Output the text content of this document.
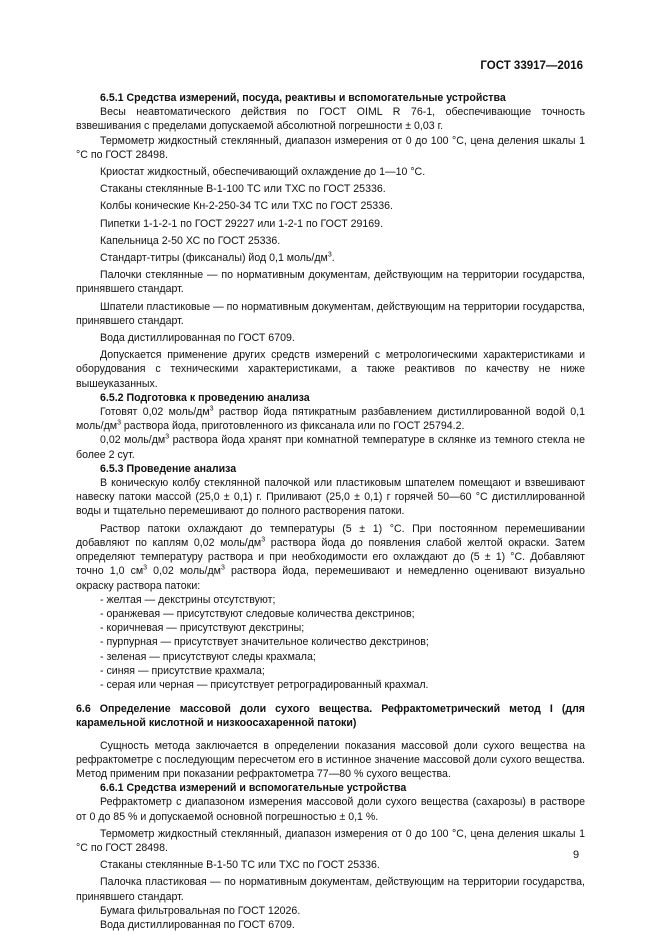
ГОСТ 33917—2016

6.5.1 Средства измерений, посуда, реактивы и вспомогательные устройства

Весы неавтоматического действия по ГОСТ OIML R 76-1, обеспечивающие точность взвешивания с пределами допускаемой абсолютной погрешности ± 0,03 г.

Термометр жидкостный стеклянный, диапазон измерения от 0 до 100 °С, цена деления шкалы 1 °С по ГОСТ 28498.

Криостат жидкостный, обеспечивающий охлаждение до 1—10 °С.

Стаканы стеклянные В-1-100 ТС или ТХС по ГОСТ 25336.

Колбы конические Кн-2-250-34 ТС или ТХС по ГОСТ 25336.

Пипетки 1-1-2-1 по ГОСТ 29227 или 1-2-1 по ГОСТ 29169.

Капельница 2-50 ХС по ГОСТ 25336.

Стандарт-титры (фиксаналы) йод 0,1 моль/$дм^3$.

Палочки стеклянные — по нормативным документам, действующим на территории государства, принявшего стандарт.

Шпатели пластиковые — по нормативным документам, действующим на территории государства, принявшего стандарт.

Вода дистиллированная по ГОСТ 6709.

Допускается применение других средств измерений с метрологическими характеристиками и оборудования с техническими характеристиками, а также реактивов по качеству не ниже вышеуказанных.

6.5.2 Подготовка к проведению анализа

Готовят 0,02 моль/$дм^3$ раствор йода пятикратным разбавлением дистиллированной водой 0,1 моль/$дм^3$ раствора йода, приготовленного из фиксанала или по ГОСТ 25794.2.

0,02 моль/$дм^3$ раствора йода хранят при комнатной температуре в склянке из темного стекла не более 2 сут.

6.5.3 Проведение анализа

В коническую колбу стеклянной палочкой или пластиковым шпателем помещают и взвешивают навеску патоки массой (25,0 ± 0,1) г. Приливают (25,0 ± 0,1) г горячей 50—60 °С дистиллированной воды и тщательно перемешивают до полного растворения патоки.

Раствор патоки охлаждают до температуры (5 ± 1) °С. При постоянном перемешивании добавляют по каплям 0,02 моль/$дм^3$ раствора йода до появления слабой желтой окраски. Затем определяют температуру раствора и при необходимости его охлаждают до (5 ± 1) °С. Добавляют точно 1,0 $см^3$ 0,02 моль/$дм^3$ раствора йода, перемешивают и немедленно оценивают визуально окраску раствора патоки:

- желтая — декстрины отсутствуют;

- оранжевая — присутствуют следовые количества декстринов;

- коричневая — присутствуют декстрины;

- пурпурная — присутствует значительное количество декстринов;

- зеленая — присутствуют следы крахмала;

- синяя — присутствие крахмала;

- серая или черная — присутствует ретроградированный крахмал.

6.6 Определение массовой доли сухого вещества. Рефрактометрический метод I (для карамельной кислотной и низкоосахаренной патоки)

Сущность метода заключается в определении показания массовой доли сухого вещества на рефрактометре с последующим пересчетом его в истинное значение массовой доли сухого вещества. Метод применим при показании рефрактометра 77—80 % сухого вещества.

6.6.1 Средства измерений и вспомогательные устройства

Рефрактометр с диапазоном измерения массовой доли сухого вещества (сахарозы) в растворе от 0 до 85 % и допускаемой основной погрешностью ± 0,1 %.

Термометр жидкостный стеклянный, диапазон измерения от 0 до 100 °С, цена деления шкалы 1 °С по ГОСТ 28498.

Стаканы стеклянные В-1-50 ТС или ТХС по ГОСТ 25336.

Палочка пластиковая — по нормативным документам, действующим на территории государства, принявшего стандарт.

Бумага фильтровальная по ГОСТ 12026.

Вода дистиллированная по ГОСТ 6709.

9
